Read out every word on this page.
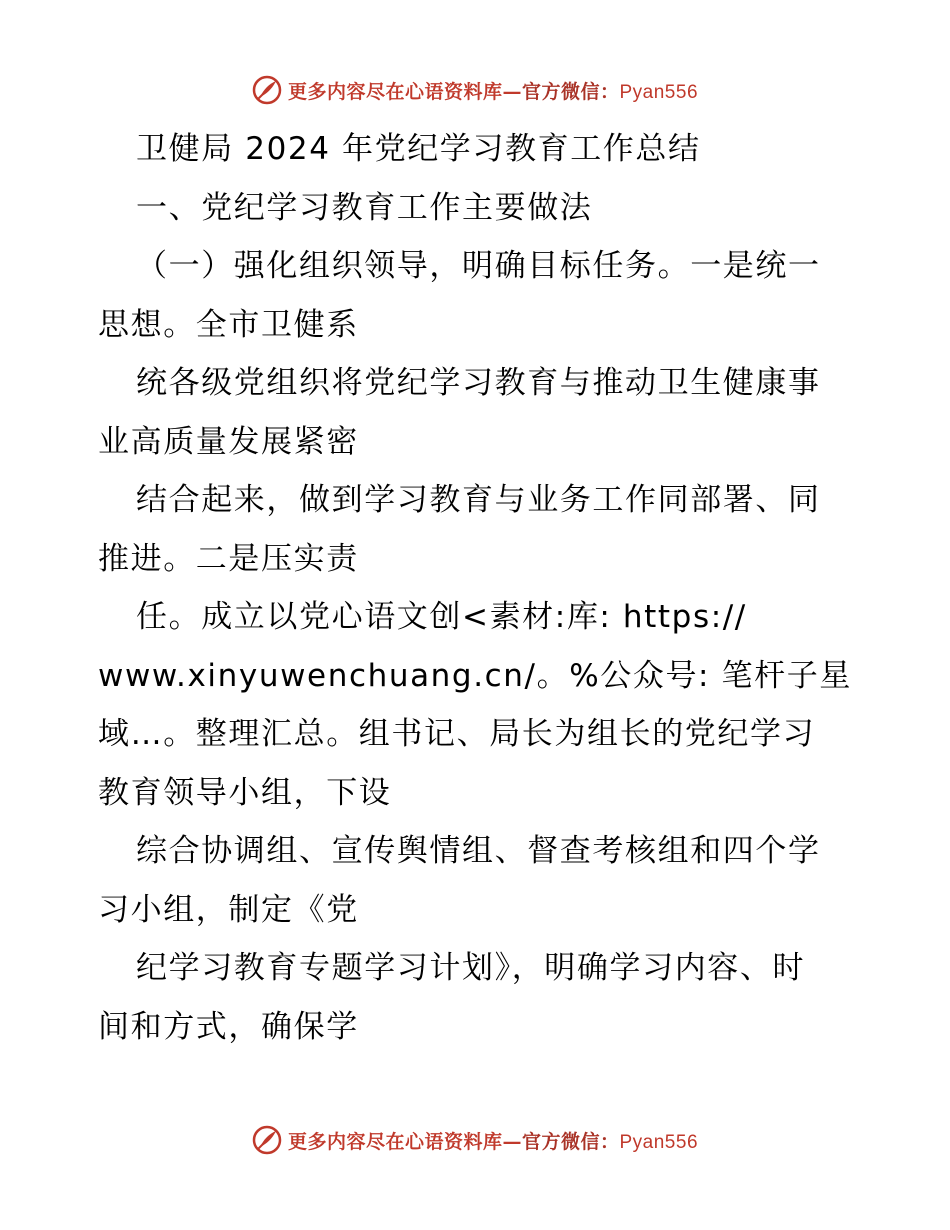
更多内容尽在心语资料库—官方微信：Pyan556
卫健局 2024 年党纪学习教育工作总结
一、党纪学习教育工作主要做法
（一）强化组织领导，明确目标任务。一是统一
思想。全市卫健系
统各级党组织将党纪学习教育与推动卫生健康事
业高质量发展紧密
结合起来，做到学习教育与业务工作同部署、同
推进。二是压实责
任。成立以党心语文创<素材:库: https://
www.xinyuwenchuang.cn/。%公众号: 笔杆子星
域…。整理汇总。组书记、局长为组长的党纪学习
教育领导小组，下设
综合协调组、宣传舆情组、督查考核组和四个学
习小组，制定《党
纪学习教育专题学习计划》，明确学习内容、时
间和方式，确保学
更多内容尽在心语资料库—官方微信：Pyan556
